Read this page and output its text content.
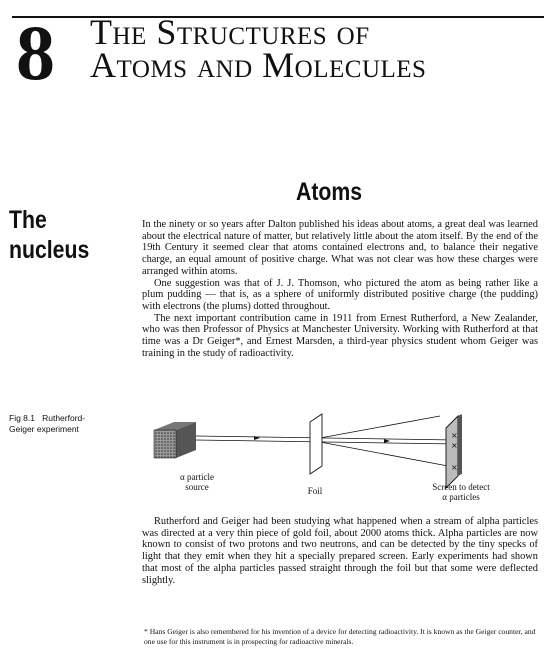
8 The Structures of
Atoms and Molecules
Atoms
The
nucleus

In the ninety or so years after Dalton published his ideas about atoms, a great deal was learned about the electrical nature of matter, but relatively little about the atom itself. By the end of the 19th Century it seemed clear that atoms contained electrons and, to balance their negative charge, an equal amount of positive charge. What was not clear was how these charges were arranged within atoms.

One suggestion was that of J. J. Thomson, who pictured the atom as being rather like a plum pudding — that is, as a sphere of uniformly distributed positive charge (the pudding) with electrons (the plums) dotted throughout.

The next important contribution came in 1911 from Ernest Rutherford, a New Zealander, who was then Professor of Physics at Manchester University. Working with Rutherford at that time was a Dr Geiger*, and Ernest Marsden, a third-year physics student whom Geiger was training in the study of radioactivity.

Fig 8.1 Rutherford-
Geiger experiment
×
×
×
α particle
source	Foil	Screen to detect
α particles

Rutherford and Geiger had been studying what happened when a stream of alpha particles was directed at a very thin piece of gold foil, about 2000 atoms thick. Alpha particles are now known to consist of two protons and two neutrons, and can be detected by the tiny specks of light that they emit when they hit a specially prepared screen. Early experiments had shown that most of the alpha particles passed straight through the foil but that some were deflected slightly.

* Hans Geiger is also remembered for his invention of a device for detecting radioactivity. It is known as the Geiger counter, and one use for this instrument is in prospecting for radioactive minerals.
